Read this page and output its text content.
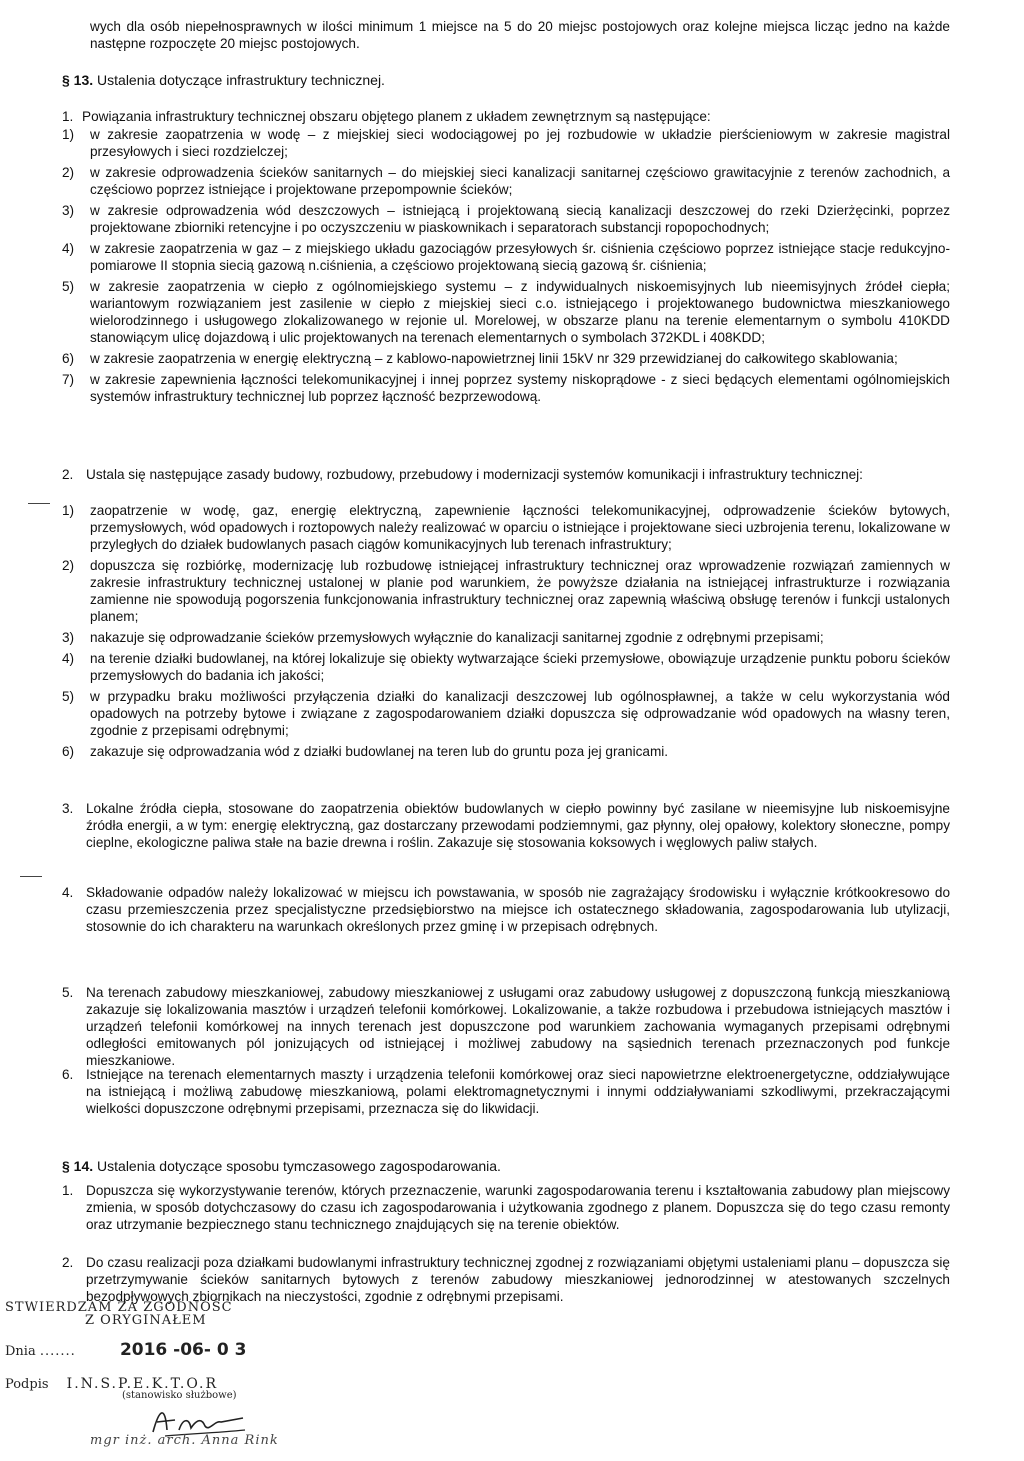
wych dla osób niepełnosprawnych w ilości minimum 1 miejsce na 5 do 20 miejsc postojowych oraz kolejne miejsca licząc jedno na każde następne rozpoczęte 20 miejsc postojowych.
§ 13. Ustalenia dotyczące infrastruktury technicznej.
1. Powiązania infrastruktury technicznej obszaru objętego planem z układem zewnętrznym są następujące:
1) w zakresie zaopatrzenia w wodę – z miejskiej sieci wodociągowej po jej rozbudowie w układzie pierścieniowym w zakresie magistral przesyłowych i sieci rozdzielczej;
2) w zakresie odprowadzenia ścieków sanitarnych – do miejskiej sieci kanalizacji sanitarnej częściowo grawitacyjnie z terenów zachodnich, a częściowo poprzez istniejące i projektowane przepompownie ścieków;
3) w zakresie odprowadzenia wód deszczowych – istniejącą i projektowaną siecią kanalizacji deszczowej do rzeki Dzierżęcinki, poprzez projektowane zbiorniki retencyjne i po oczyszczeniu w piaskownikach i separatorach substancji ropopochodnych;
4) w zakresie zaopatrzenia w gaz – z miejskiego układu gazociągów przesyłowych śr. ciśnienia częściowo poprzez istniejące stacje redukcyjno-pomiarowe II stopnia siecią gazową n.ciśnienia, a częściowo projektowaną siecią gazową śr. ciśnienia;
5) w zakresie zaopatrzenia w ciepło z ogólnomiejskiego systemu – z indywidualnych niskoemisyjnych lub nieemisyjnych źródeł ciepła; wariantowym rozwiązaniem jest zasilenie w ciepło z miejskiej sieci c.o. istniejącego i projektowanego budownictwa mieszkaniowego wielorodzinnego i usługowego zlokalizowanego w rejonie ul. Morelowej, w obszarze planu na terenie elementarnym o symbolu 410KDD stanowiącym ulicę dojazdową i ulic projektowanych na terenach elementarnych o symbolach 372KDL i 408KDD;
6) w zakresie zaopatrzenia w energię elektryczną – z kablowo-napowietrznej linii 15kV nr 329 przewidzianej do całkowitego skablowania;
7) w zakresie zapewnienia łączności telekomunikacyjnej i innej poprzez systemy niskoprądowe - z sieci będących elementami ogólnomiejskich systemów infrastruktury technicznej lub poprzez łączność bezprzewodową.
2. Ustala się następujące zasady budowy, rozbudowy, przebudowy i modernizacji systemów komunikacji i infrastruktury technicznej:
1) zaopatrzenie w wodę, gaz, energię elektryczną, zapewnienie łączności telekomunikacyjnej, odprowadzenie ścieków bytowych, przemysłowych, wód opadowych i roztopowych należy realizować w oparciu o istniejące i projektowane sieci uzbrojenia terenu, lokalizowane w przyległych do działek budowlanych pasach ciągów komunikacyjnych lub terenach infrastruktury;
2) dopuszcza się rozbiórkę, modernizację lub rozbudowę istniejącej infrastruktury technicznej oraz wprowadzenie rozwiązań zamiennych w zakresie infrastruktury technicznej ustalonej w planie pod warunkiem, że powyższe działania na istniejącej infrastrukturze i rozwiązania zamienne nie spowodują pogorszenia funkcjonowania infrastruktury technicznej oraz zapewnią właściwą obsługę terenów i funkcji ustalonych planem;
3) nakazuje się odprowadzanie ścieków przemysłowych wyłącznie do kanalizacji sanitarnej zgodnie z odrębnymi przepisami;
4) na terenie działki budowlanej, na której lokalizuje się obiekty wytwarzające ścieki przemysłowe, obowiązuje urządzenie punktu poboru ścieków przemysłowych do badania ich jakości;
5) w przypadku braku możliwości przyłączenia działki do kanalizacji deszczowej lub ogólnospławnej, a także w celu wykorzystania wód opadowych na potrzeby bytowe i związane z zagospodarowaniem działki dopuszcza się odprowadzanie wód opadowych na własny teren, zgodnie z przepisami odrębnymi;
6) zakazuje się odprowadzania wód z działki budowlanej na teren lub do gruntu poza jej granicami.
3. Lokalne źródła ciepła, stosowane do zaopatrzenia obiektów budowlanych w ciepło powinny być zasilane w nieemisyjne lub niskoemisyjne źródła energii, a w tym: energię elektryczną, gaz dostarczany przewodami podziemnymi, gaz płynny, olej opałowy, kolektory słoneczne, pompy cieplne, ekologiczne paliwa stałe na bazie drewna i roślin. Zakazuje się stosowania koksowych i węglowych paliw stałych.
4. Składowanie odpadów należy lokalizować w miejscu ich powstawania, w sposób nie zagrażający środowisku i wyłącznie krótkookresowo do czasu przemieszczenia przez specjalistyczne przedsiębiorstwo na miejsce ich ostatecznego składowania, zagospodarowania lub utylizacji, stosownie do ich charakteru na warunkach określonych przez gminę i w przepisach odrębnych.
5. Na terenach zabudowy mieszkaniowej, zabudowy mieszkaniowej z usługami oraz zabudowy usługowej z dopuszczoną funkcją mieszkaniową zakazuje się lokalizowania masztów i urządzeń telefonii komórkowej. Lokalizowanie, a także rozbudowa i przebudowa istniejących masztów i urządzeń telefonii komórkowej na innych terenach jest dopuszczone pod warunkiem zachowania wymaganych przepisami odrębnymi odległości emitowanych pól jonizujących od istniejącej i możliwej zabudowy na sąsiednich terenach przeznaczonych pod funkcje mieszkaniowe.
6. Istniejące na terenach elementarnych maszty i urządzenia telefonii komórkowej oraz sieci napowietrzne elektroenergetyczne, oddziaływujące na istniejącą i możliwą zabudowę mieszkaniową, polami elektromagnetycznymi i innymi oddziaływaniami szkodliwymi, przekraczającymi wielkości dopuszczone odrębnymi przepisami, przeznacza się do likwidacji.
§ 14. Ustalenia dotyczące sposobu tymczasowego zagospodarowania.
1. Dopuszcza się wykorzystywanie terenów, których przeznaczenie, warunki zagospodarowania terenu i kształtowania zabudowy plan miejscowy zmienia, w sposób dotychczasowy do czasu ich zagospodarowania i użytkowania zgodnego z planem. Dopuszcza się do tego czasu remonty oraz utrzymanie bezpiecznego stanu technicznego znajdujących się na terenie obiektów.
2. Do czasu realizacji poza działkami budowlanymi infrastruktury technicznej zgodnej z rozwiązaniami objętymi ustaleniami planu – dopuszcza się przetrzymywanie ścieków sanitarnych bytowych z terenów zabudowy mieszkaniowej jednorodzinnej w atestowanych szczelnych bezodpływowych zbiornikach na nieczystości, zgodnie z odrębnymi przepisami.
STWIERDZAM ZA ZGODNOŚĆ
Z ORYGINAŁEM
Dnia .......	2016 -06- 0 3
Podpis I.N.S.P.E.K.T.O.R
(stanowisko służbowe)
mgr inż. arch. Anna Rink
